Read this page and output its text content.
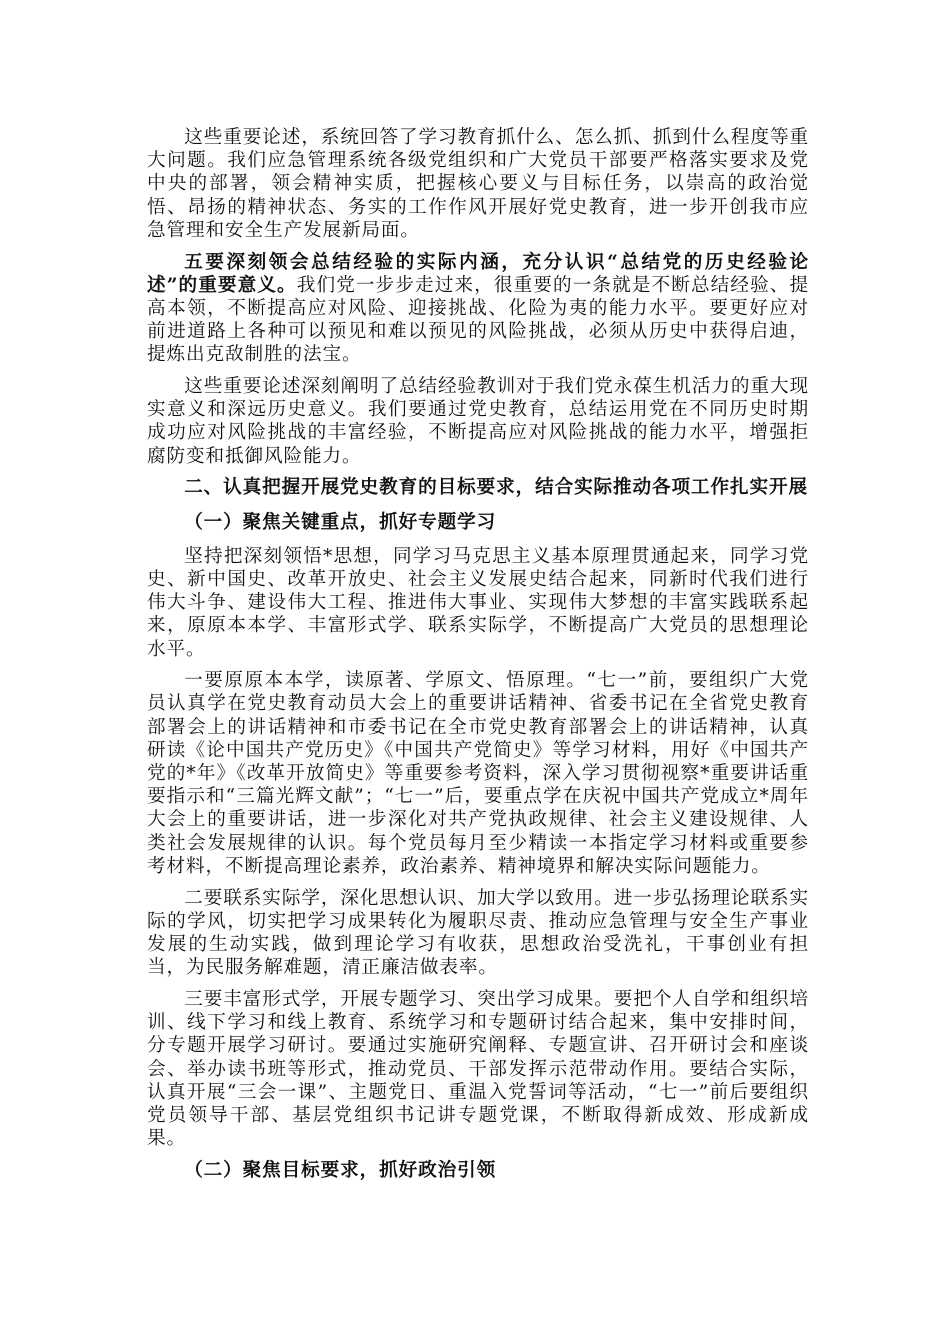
这些重要论述，系统回答了学习教育抓什么、怎么抓、抓到什么程度等重大问题。我们应急管理系统各级党组织和广大党员干部要严格落实要求及党中央的部署，领会精神实质，把握核心要义与目标任务，以崇高的政治觉悟、昂扬的精神状态、务实的工作作风开展好党史教育，进一步开创我市应急管理和安全生产发展新局面。

五要深刻领会总结经验的实际内涵，充分认识“总结党的历史经验论述”的重要意义。我们党一步步走过来，很重要的一条就是不断总结经验、提高本领，不断提高应对风险、迎接挑战、化险为夷的能力水平。要更好应对前进道路上各种可以预见和难以预见的风险挑战，必须从历史中获得启迪，提炼出克敌制胜的法宝。

这些重要论述深刻阐明了总结经验教训对于我们党永葆生机活力的重大现实意义和深远历史意义。我们要通过党史教育，总结运用党在不同历史时期成功应对风险挑战的丰富经验，不断提高应对风险挑战的能力水平，增强拒腐防变和抵御风险能力。

二、认真把握开展党史教育的目标要求，结合实际推动各项工作扎实开展

（一）聚焦关键重点，抓好专题学习

坚持把深刻领悟*思想，同学习马克思主义基本原理贯通起来，同学习党史、新中国史、改革开放史、社会主义发展史结合起来，同新时代我们进行伟大斗争、建设伟大工程、推进伟大事业、实现伟大梦想的丰富实践联系起来，原原本本学、丰富形式学、联系实际学，不断提高广大党员的思想理论水平。

一要原原本本学，读原著、学原文、悟原理。“七一”前，要组织广大党员认真学在党史教育动员大会上的重要讲话精神、省委书记在全省党史教育部署会上的讲话精神和市委书记在全市党史教育部署会上的讲话精神，认真研读《论中国共产党历史》《中国共产党简史》等学习材料，用好《中国共产党的*年》《改革开放简史》等重要参考资料，深入学习贯彻视察*重要讲话重要指示和“三篇光辉文献”；“七一”后，要重点学在庆祝中国共产党成立*周年大会上的重要讲话，进一步深化对共产党执政规律、社会主义建设规律、人类社会发展规律的认识。每个党员每月至少精读一本指定学习材料或重要参考材料，不断提高理论素养，政治素养、精神境界和解决实际问题能力。

二要联系实际学，深化思想认识、加大学以致用。进一步弘扬理论联系实际的学风，切实把学习成果转化为履职尽责、推动应急管理与安全生产事业发展的生动实践，做到理论学习有收获，思想政治受洗礼，干事创业有担当，为民服务解难题，清正廉洁做表率。

三要丰富形式学，开展专题学习、突出学习成果。要把个人自学和组织培训、线下学习和线上教育、系统学习和专题研讨结合起来，集中安排时间，分专题开展学习研讨。要通过实施研究阐释、专题宣讲、召开研讨会和座谈会、举办读书班等形式，推动党员、干部发挥示范带动作用。要结合实际，认真开展“三会一课”、主题党日、重温入党誓词等活动，“七一”前后要组织党员领导干部、基层党组织书记讲专题党课，不断取得新成效、形成新成果。

（二）聚焦目标要求，抓好政治引领
